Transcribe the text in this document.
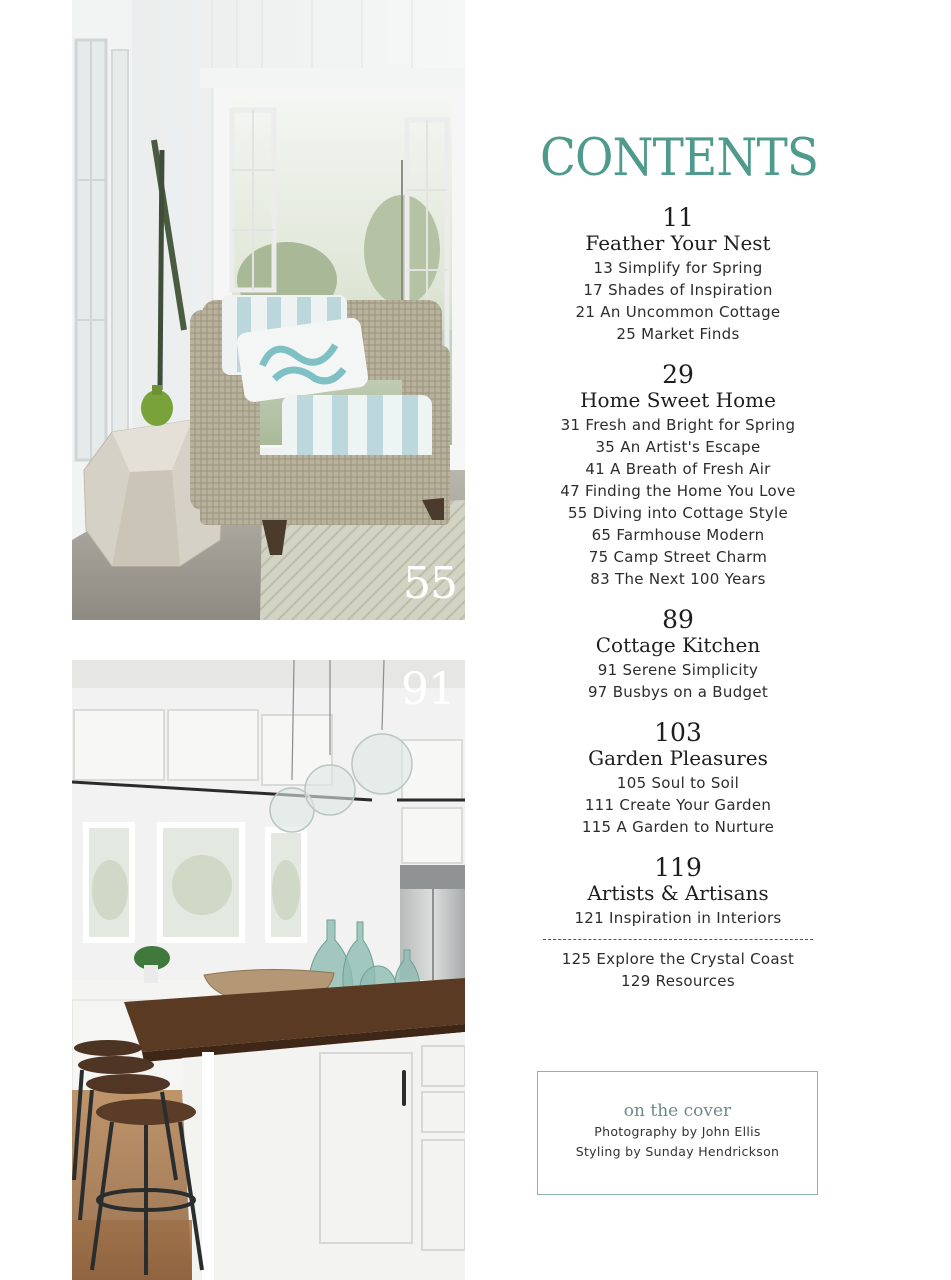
55
91
CONTENTS
11
Feather Your Nest
13 Simplify for Spring
17 Shades of Inspiration
21 An Uncommon Cottage
25 Market Finds
29
Home Sweet Home
31 Fresh and Bright for Spring
35 An Artist's Escape
41 A Breath of Fresh Air
47 Finding the Home You Love
55 Diving into Cottage Style
65 Farmhouse Modern
75 Camp Street Charm
83 The Next 100 Years
89
Cottage Kitchen
91 Serene Simplicity
97 Busbys on a Budget
103
Garden Pleasures
105 Soul to Soil
111 Create Your Garden
115 A Garden to Nurture
119
Artists & Artisans
121 Inspiration in Interiors
125 Explore the Crystal Coast
129 Resources
on the cover
Photography by John Ellis
Styling by Sunday Hendrickson
